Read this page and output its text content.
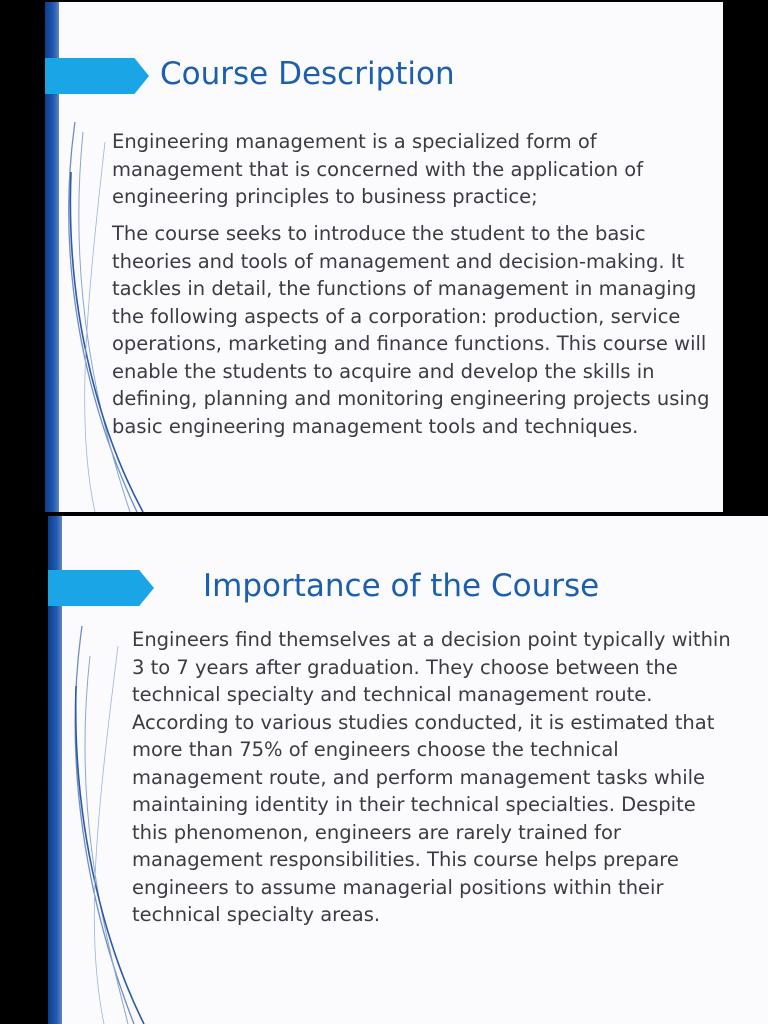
Course Description

Engineering management is a specialized form of management that is concerned with the application of engineering principles to business practice;

The course seeks to introduce the student to the basic theories and tools of management and decision-making. It tackles in detail, the functions of management in managing the following aspects of a corporation: production, service operations, marketing and finance functions. This course will enable the students to acquire and develop the skills in defining, planning and monitoring engineering projects using basic engineering management tools and techniques.

Importance of the Course

Engineers find themselves at a decision point typically within 3 to 7 years after graduation. They choose between the technical specialty and technical management route. According to various studies conducted, it is estimated that more than 75% of engineers choose the technical management route, and perform management tasks while maintaining identity in their technical specialties. Despite this phenomenon, engineers are rarely trained for management responsibilities. This course helps prepare engineers to assume managerial positions within their technical specialty areas.
